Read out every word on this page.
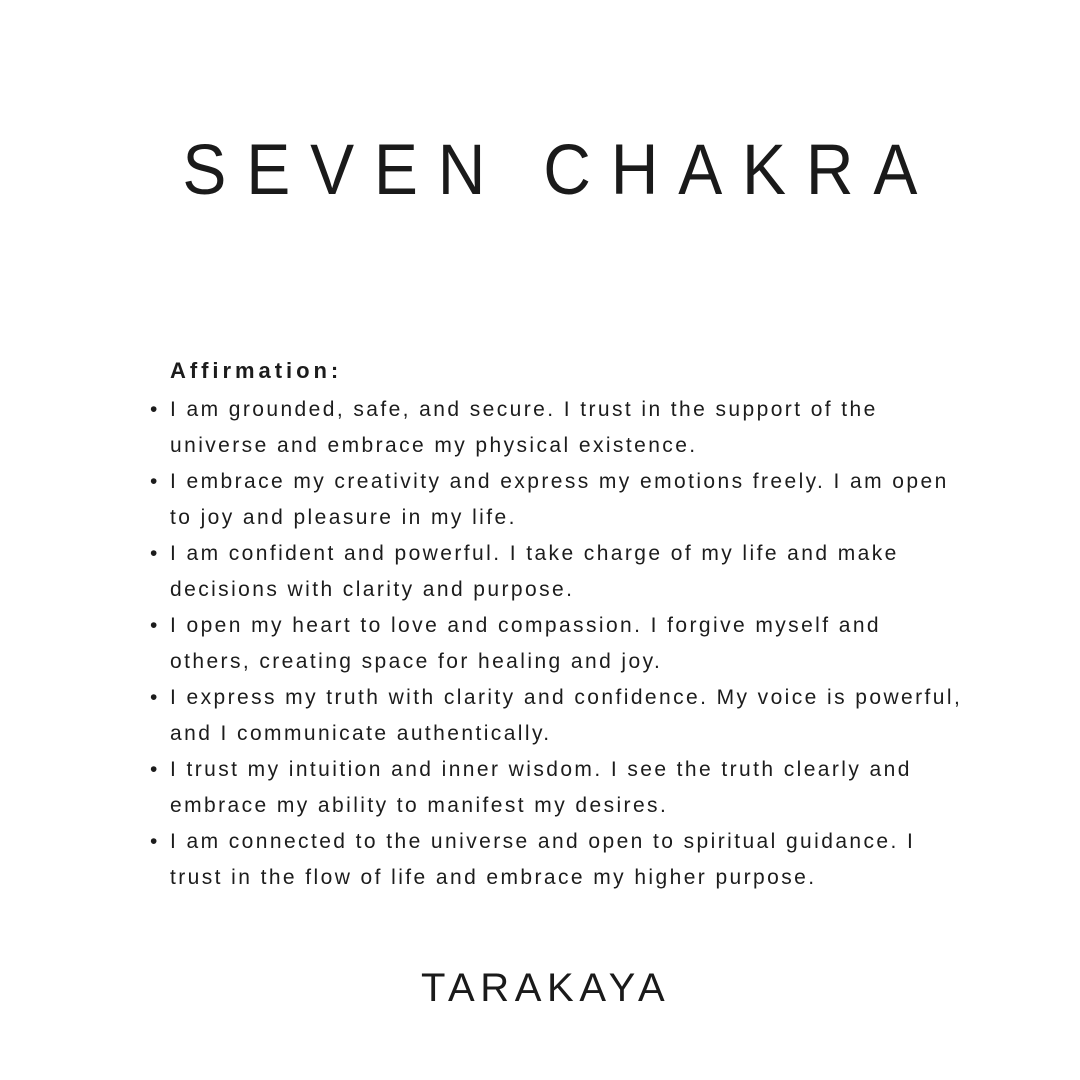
SEVEN CHAKRA
Affirmation:
• I am grounded, safe, and secure. I trust in the support of the universe and embrace my physical existence.
• I embrace my creativity and express my emotions freely. I am open to joy and pleasure in my life.
• I am confident and powerful. I take charge of my life and make decisions with clarity and purpose.
• I open my heart to love and compassion. I forgive myself and others, creating space for healing and joy.
• I express my truth with clarity and confidence. My voice is powerful, and I communicate authentically.
• I trust my intuition and inner wisdom. I see the truth clearly and embrace my ability to manifest my desires.
• I am connected to the universe and open to spiritual guidance. I trust in the flow of life and embrace my higher purpose.
TARAKAYA
